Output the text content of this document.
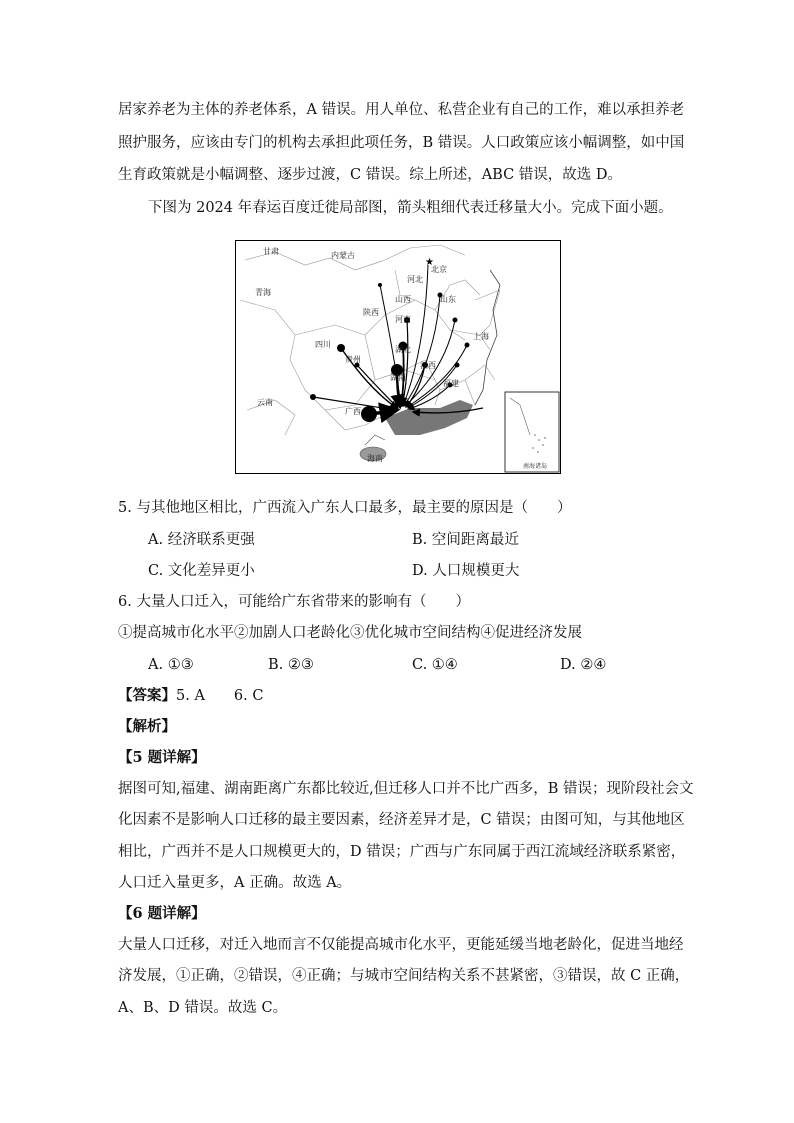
居家养老为主体的养老体系，A 错误。用人单位、私营企业有自己的工作，难以承担养老
照护服务，应该由专门的机构去承担此项任务，B 错误。人口政策应该小幅调整，如中国
生育政策就是小幅调整、逐步过渡，C 错误。综上所述，ABC 错误，故选 D。
下图为 2024 年春运百度迁徙局部图，箭头粗细代表迁移量大小。完成下面小题。
★
甘肃	内蒙古
青海
河北
北京
山西	山东
陕西
河南
四川
湖北
上海
湖南
贵州
江西
云南
福建
广西
海南
南海诸岛
5. 与其他地区相比，广西流入广东人口最多，最主要的原因是（　　）
A. 经济联系更强	B. 空间距离最近
C. 文化差异更小	D. 人口规模更大
6. 大量人口迁入，可能给广东省带来的影响有（　　）
①提高城市化水平②加剧人口老龄化③优化城市空间结构④促进经济发展
A. ①③	B. ②③	C. ①④	D. ②④
【答案】5. A　　6. C
【解析】
【5 题详解】
据图可知,福建、湖南距离广东都比较近,但迁移人口并不比广西多，B 错误；现阶段社会文
化因素不是影响人口迁移的最主要因素，经济差异才是，C 错误；由图可知，与其他地区
相比，广西并不是人口规模更大的，D 错误；广西与广东同属于西江流域经济联系紧密，
人口迁入量更多，A 正确。故选 A。
【6 题详解】
大量人口迁移，对迁入地而言不仅能提高城市化水平，更能延缓当地老龄化，促进当地经
济发展，①正确，②错误，④正确；与城市空间结构关系不甚紧密，③错误，故 C 正确，
A、B、D 错误。故选 C。
